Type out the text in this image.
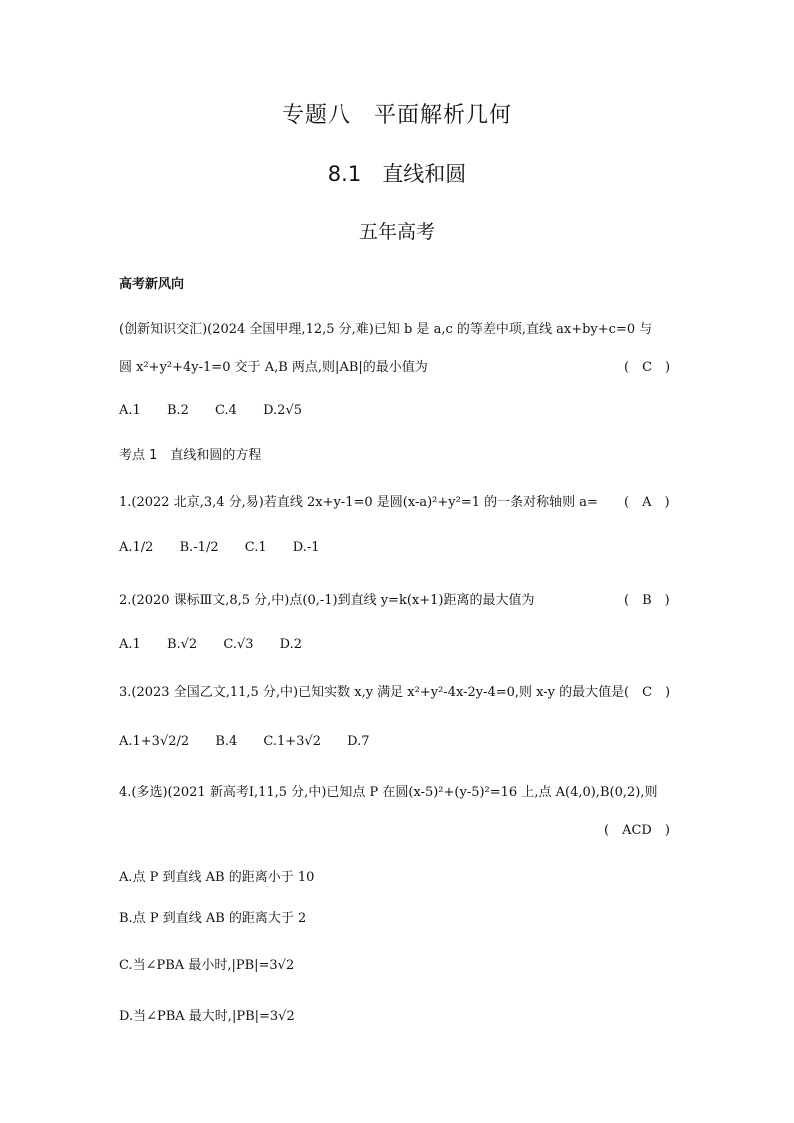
专题八　平面解析几何
8.1　直线和圆
五年高考
高考新风向
(创新知识交汇)(2024 全国甲理,12,5 分,难)已知 b 是 a,c 的等差中项,直线 ax+by+c=0 与
圆 x²+y²+4y-1=0 交于 A,B 两点,则|AB|的最小值为	(　C　)
A.1 B.2 C.4 D.2√5
考点 1　直线和圆的方程
1.(2022 北京,3,4 分,易)若直线 2x+y-1=0 是圆(x-a)²+y²=1 的一条对称轴则 a= (　A　)
A.1/2 B.-1/2 C.1 D.-1
2.(2020 课标Ⅲ文,8,5 分,中)点(0,-1)到直线 y=k(x+1)距离的最大值为	(　B　)
A.1 B.√2 C.√3 D.2
3.(2023 全国乙文,11,5 分,中)已知实数 x,y 满足 x²+y²-4x-2y-4=0,则 x-y 的最大值是 (　C　)
A.1+3√2/2 B.4 C.1+3√2 D.7
4.(多选)(2021 新高考Ⅰ,11,5 分,中)已知点 P 在圆(x-5)²+(y-5)²=16 上,点 A(4,0),B(0,2),则
(　ACD　)
A.点 P 到直线 AB 的距离小于 10
B.点 P 到直线 AB 的距离大于 2
C.当∠PBA 最小时,|PB|=3√2
D.当∠PBA 最大时,|PB|=3√2
